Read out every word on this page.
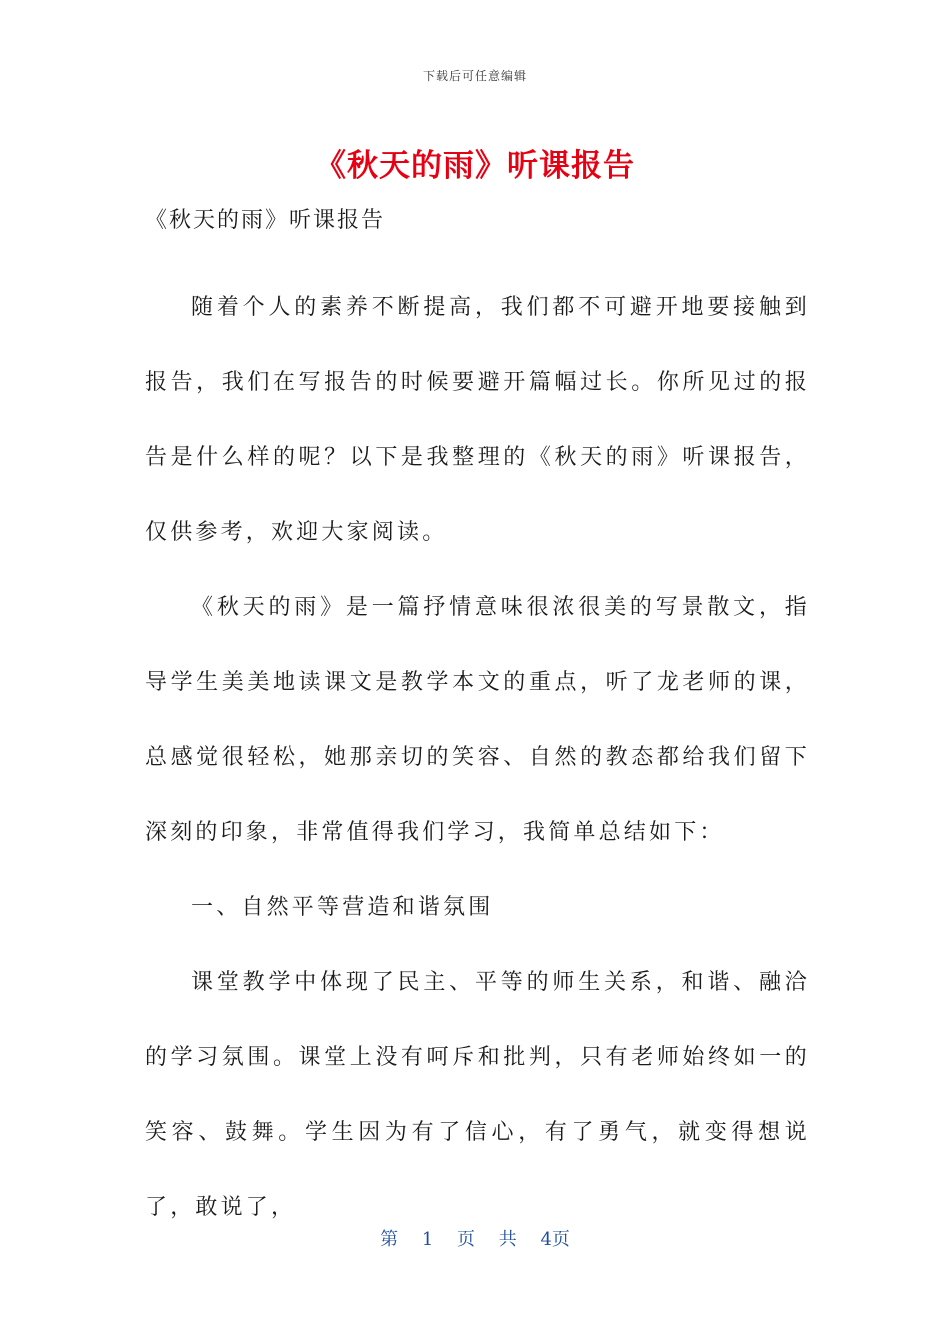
下载后可任意编辑
《秋天的雨》听课报告
《秋天的雨》听课报告

随着个人的素养不断提高，我们都不可避开地要接触到报告，我们在写报告的时候要避开篇幅过长。你所见过的报告是什么样的呢？以下是我整理的《秋天的雨》听课报告，仅供参考，欢迎大家阅读。

《秋天的雨》是一篇抒情意味很浓很美的写景散文，指导学生美美地读课文是教学本文的重点，听了龙老师的课，总感觉很轻松，她那亲切的笑容、自然的教态都给我们留下深刻的印象，非常值得我们学习，我简单总结如下：

一、自然平等营造和谐氛围

课堂教学中体现了民主、平等的师生关系，和谐、融洽的学习氛围。课堂上没有呵斥和批判，只有老师始终如一的笑容、鼓舞。学生因为有了信心，有了勇气，就变得想说了，敢说了，

第 1 页 共 4页
